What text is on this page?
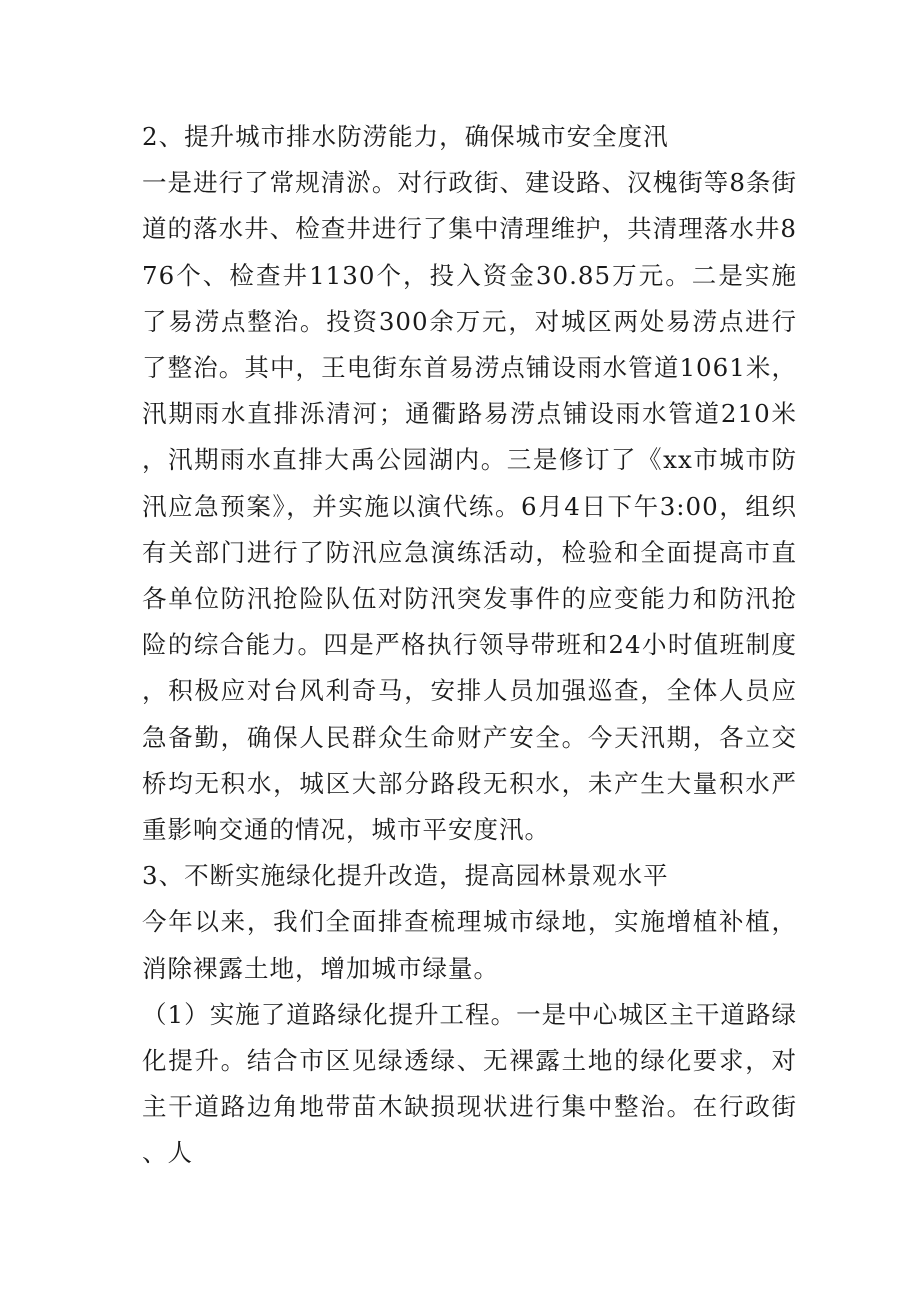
2、提升城市排水防涝能力，确保城市安全度汛

一是进行了常规清淤。对行政街、建设路、汉槐街等8条街道的落水井、检查井进行了集中清理维护，共清理落水井876个、检查井1130个，投入资金30.85万元。二是实施了易涝点整治。投资300余万元，对城区两处易涝点进行了整治。其中，王电街东首易涝点铺设雨水管道1061米，汛期雨水直排泺清河；通衢路易涝点铺设雨水管道210米，汛期雨水直排大禹公园湖内。三是修订了《xx市城市防汛应急预案》，并实施以演代练。6月4日下午3:00，组织有关部门进行了防汛应急演练活动，检验和全面提高市直各单位防汛抢险队伍对防汛突发事件的应变能力和防汛抢险的综合能力。四是严格执行领导带班和24小时值班制度，积极应对台风利奇马，安排人员加强巡查，全体人员应急备勤，确保人民群众生命财产安全。今天汛期，各立交桥均无积水，城区大部分路段无积水，未产生大量积水严重影响交通的情况，城市平安度汛。

3、不断实施绿化提升改造，提高园林景观水平

今年以来，我们全面排查梳理城市绿地，实施增植补植，消除裸露土地，增加城市绿量。

（1）实施了道路绿化提升工程。一是中心城区主干道路绿化提升。结合市区见绿透绿、无裸露土地的绿化要求，对主干道路边角地带苗木缺损现状进行集中整治。在行政街、人
